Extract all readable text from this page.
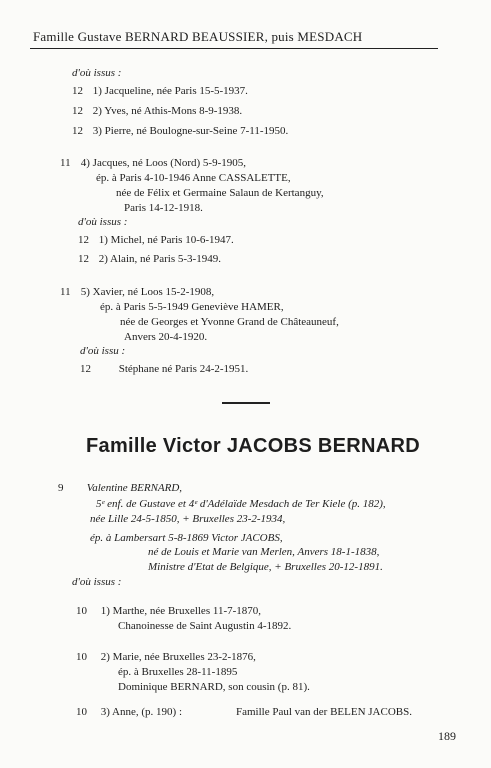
Famille Gustave BERNARD BEAUSSIER, puis MESDACH
d'où issus :
12 1) Jacqueline, née Paris 15-5-1937.
12 2) Yves, né Athis-Mons 8-9-1938.
12 3) Pierre, né Boulogne-sur-Seine 7-11-1950.
11 4) Jacques, né Loos (Nord) 5-9-1905,
ép. à Paris 4-10-1946 Anne CASSALETTE,
née de Félix et Germaine Salaun de Kertanguy,
Paris 14-12-1918.
d'où issus :
12 1) Michel, né Paris 10-6-1947.
12 2) Alain, né Paris 5-3-1949.
11 5) Xavier, né Loos 15-2-1908,
ép. à Paris 5-5-1949 Geneviève HAMER,
née de Georges et Yvonne Grand de Châteauneuf,
Anvers 20-4-1920.
d'où issu :
12	Stéphane né Paris 24-2-1951.
Famille Victor JACOBS BERNARD
9 Valentine BERNARD,
5ᵉ enf. de Gustave et 4ᵉ d'Adélaïde Mesdach de Ter Kiele (p. 182),
née Lille 24-5-1850, + Bruxelles 23-2-1934,
ép. à Lambersart 5-8-1869 Victor JACOBS,
né de Louis et Marie van Merlen, Anvers 18-1-1838,
Ministre d'Etat de Belgique, + Bruxelles 20-12-1891.
d'où issus :
10 1) Marthe, née Bruxelles 11-7-1870,
Chanoinesse de Saint Augustin 4-1892.
10 2) Marie, née Bruxelles 23-2-1876,
ép. à Bruxelles 28-11-1895
Dominique BERNARD, son cousin (p. 81).
10 3) Anne, (p. 190) :	Famille Paul van der BELEN JACOBS.
189
